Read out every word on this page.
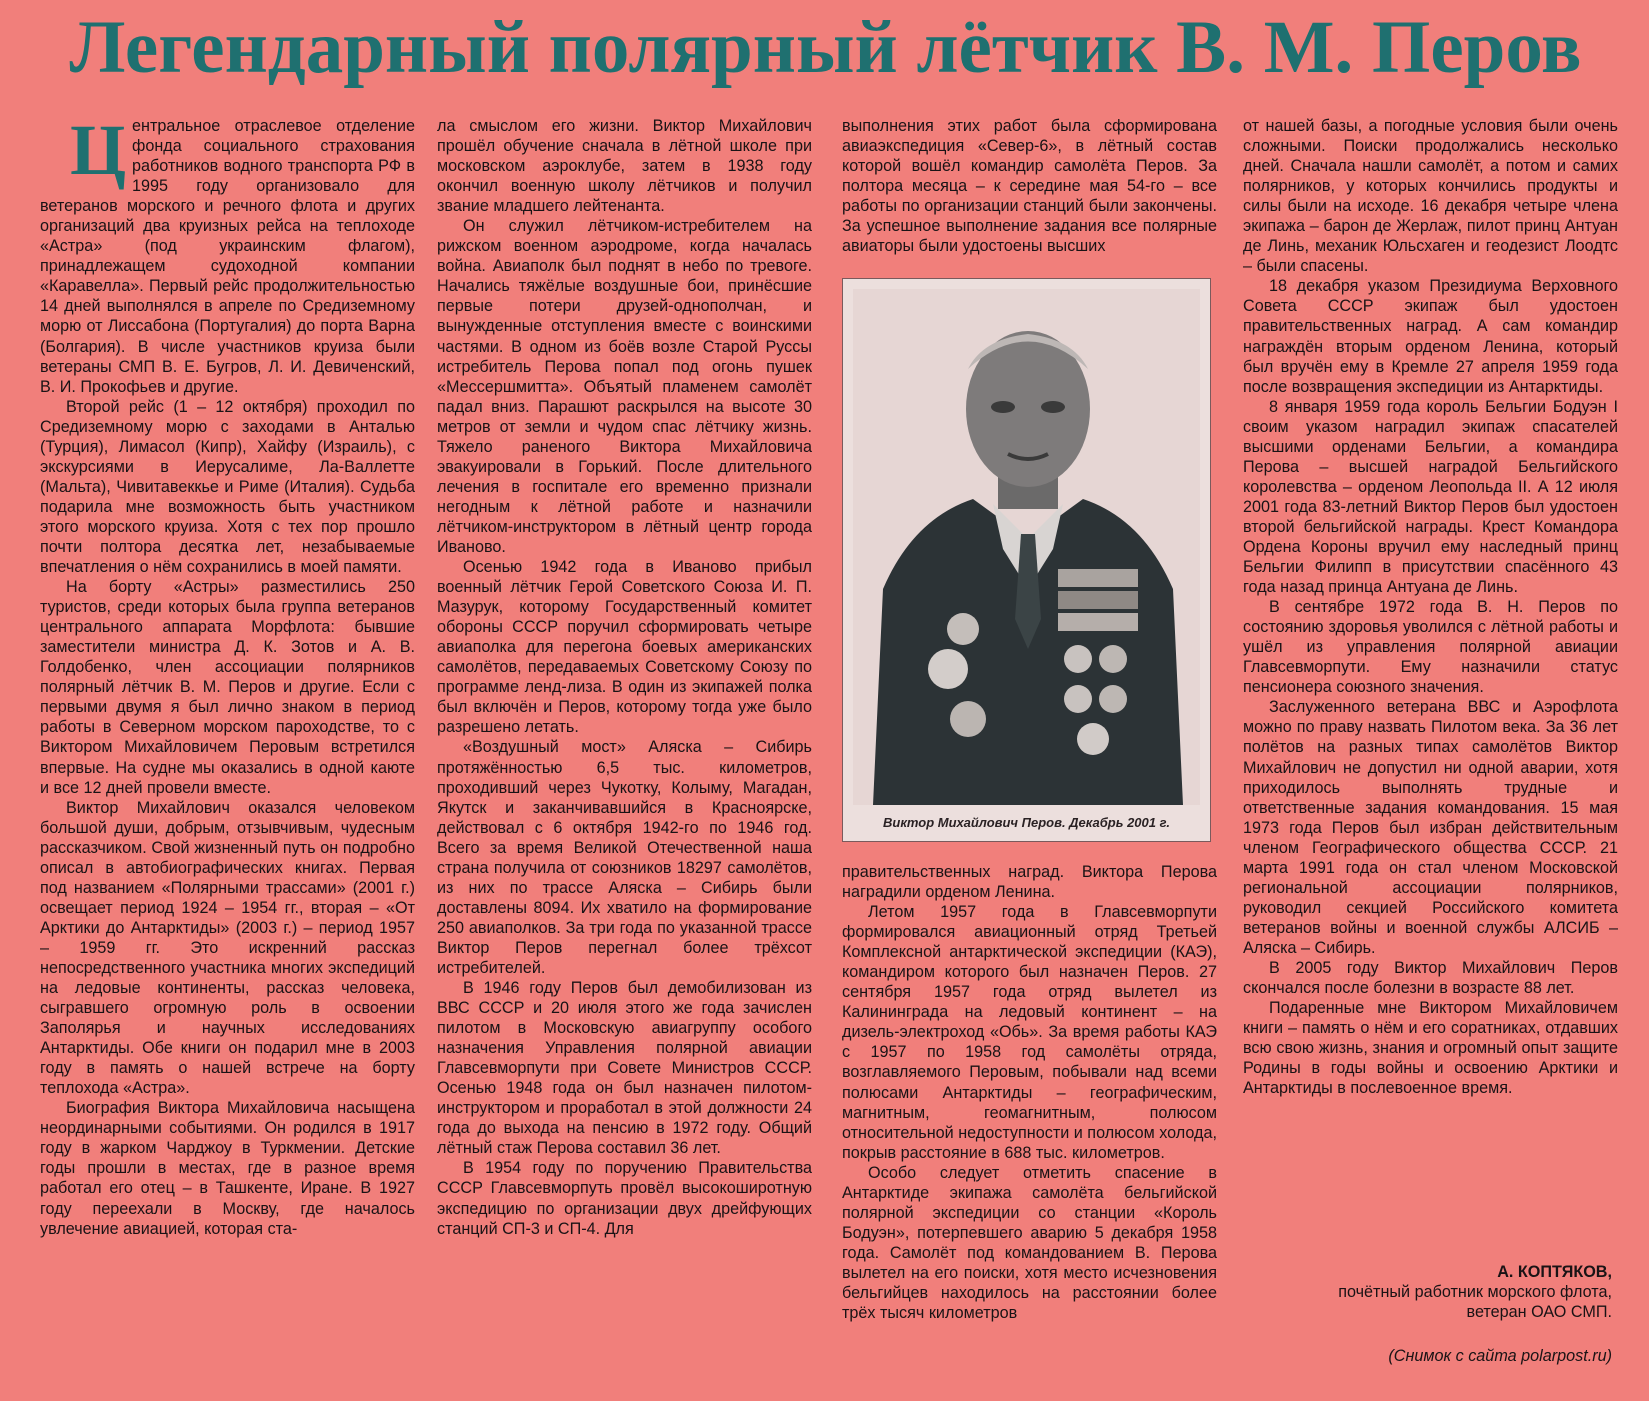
Легендарный полярный лётчик В. М. Перов
Ц ентральное отраслевое отделение фонда социального страхования работников водного транспорта РФ в 1995 году организовало для ветеранов морского и речного флота и других организаций два круизных рейса на теплоходе «Астра» (под украинским флагом), принадлежащем судоходной компании «Каравелла». Первый рейс продолжительностью 14 дней выполнялся в апреле по Средиземному морю от Лиссабона (Португалия) до порта Варна (Болгария). В числе участников круиза были ветераны СМП В. Е. Бугров, Л. И. Девиченский, В. И. Прокофьев и другие.

Второй рейс (1 – 12 октября) проходил по Средиземному морю с заходами в Анталью (Турция), Лимасол (Кипр), Хайфу (Израиль), с экскурсиями в Иерусалиме, Ла-Валлетте (Мальта), Чивитавеккье и Риме (Италия). Судьба подарила мне возможность быть участником этого морского круиза. Хотя с тех пор прошло почти полтора десятка лет, незабываемые впечатления о нём сохранились в моей памяти.

На борту «Астры» разместились 250 туристов, среди которых была группа ветеранов центрального аппарата Морфлота: бывшие заместители министра Д. К. Зотов и А. В. Голдобенко, член ассоциации полярников полярный лётчик В. М. Перов и другие. Если с первыми двумя я был лично знаком в период работы в Северном морском пароходстве, то с Виктором Михайловичем Перовым встретился впервые. На судне мы оказались в одной каюте и все 12 дней провели вместе.

Виктор Михайлович оказался человеком большой души, добрым, отзывчивым, чудесным рассказчиком. Свой жизненный путь он подробно описал в автобиографических книгах. Первая под названием «Полярными трассами» (2001 г.) освещает период 1924 – 1954 гг., вторая – «От Арктики до Антарктиды» (2003 г.) – период 1957 – 1959 гг. Это искренний рассказ непосредственного участника многих экспедиций на ледовые континенты, рассказ человека, сыгравшего огромную роль в освоении Заполярья и научных исследованиях Антарктиды. Обе книги он подарил мне в 2003 году в память о нашей встрече на борту теплохода «Астра».

Биография Виктора Михайловича насыщена неординарными событиями. Он родился в 1917 году в жарком Чарджоу в Туркмении. Детские годы прошли в местах, где в разное время работал его отец – в Ташкенте, Иране. В 1927 году переехали в Москву, где началось увлечение авиацией, которая ста-

ла смыслом его жизни. Виктор Михайлович прошёл обучение сначала в лётной школе при московском аэроклубе, затем в 1938 году окончил военную школу лётчиков и получил звание младшего лейтенанта.

Он служил лётчиком-истребителем на рижском военном аэродроме, когда началась война. Авиаполк был поднят в небо по тревоге. Начались тяжёлые воздушные бои, принёсшие первые потери друзей-однополчан, и вынужденные отступления вместе с воинскими частями. В одном из боёв возле Старой Руссы истребитель Перова попал под огонь пушек «Мессершмитта». Объятый пламенем самолёт падал вниз. Парашют раскрылся на высоте 30 метров от земли и чудом спас лётчику жизнь. Тяжело раненого Виктора Михайловича эвакуировали в Горький. После длительного лечения в госпитале его временно признали негодным к лётной работе и назначили лётчиком-инструктором в лётный центр города Иваново.

Осенью 1942 года в Иваново прибыл военный лётчик Герой Советского Союза И. П. Мазурук, которому Государственный комитет обороны СССР поручил сформировать четыре авиаполка для перегона боевых американских самолётов, передаваемых Советскому Союзу по программе ленд-лиза. В один из экипажей полка был включён и Перов, которому тогда уже было разрешено летать.

«Воздушный мост» Аляска – Сибирь протяжённостью 6,5 тыс. километров, проходивший через Чукотку, Колыму, Магадан, Якутск и заканчивавшийся в Красноярске, действовал с 6 октября 1942-го по 1946 год. Всего за время Великой Отечественной наша страна получила от союзников 18297 самолётов, из них по трассе Аляска – Сибирь были доставлены 8094. Их хватило на формирование 250 авиаполков. За три года по указанной трассе Виктор Перов перегнал более трёхсот истребителей.

В 1946 году Перов был демобилизован из ВВС СССР и 20 июля этого же года зачислен пилотом в Московскую авиагруппу особого назначения Управления полярной авиации Главсевморпути при Совете Министров СССР. Осенью 1948 года он был назначен пилотом-инструктором и проработал в этой должности 24 года до выхода на пенсию в 1972 году. Общий лётный стаж Перова составил 36 лет.

В 1954 году по поручению Правительства СССР Главсевморпуть провёл высокоширотную экспедицию по организации двух дрейфующих станций СП-3 и СП-4. Для

выполнения этих работ была сформирована авиаэкспедиция «Север-6», в лётный состав которой вошёл командир самолёта Перов. За полтора месяца – к середине мая 54-го – все работы по организации станций были закончены. За успешное выполнение задания все полярные авиаторы были удостоены высших

Виктор Михайлович Перов. Декабрь 2001 г.

правительственных наград. Виктора Перова наградили орденом Ленина.

Летом 1957 года в Главсевморпути формировался авиационный отряд Третьей Комплексной антарктической экспедиции (КАЭ), командиром которого был назначен Перов. 27 сентября 1957 года отряд вылетел из Калининграда на ледовый континент – на дизель-электроход «Обь». За время работы КАЭ с 1957 по 1958 год самолёты отряда, возглавляемого Перовым, побывали над всеми полюсами Антарктиды – географическим, магнитным, геомагнитным, полюсом относительной недоступности и полюсом холода, покрыв расстояние в 688 тыс. километров.

Особо следует отметить спасение в Антарктиде экипажа самолёта бельгийской полярной экспедиции со станции «Король Бодуэн», потерпевшего аварию 5 декабря 1958 года. Самолёт под командованием В. Перова вылетел на его поиски, хотя место исчезновения бельгийцев находилось на расстоянии более трёх тысяч километров

от нашей базы, а погодные условия были очень сложными. Поиски продолжались несколько дней. Сначала нашли самолёт, а потом и самих полярников, у которых кончились продукты и силы были на исходе. 16 декабря четыре члена экипажа – барон де Жерлаж, пилот принц Антуан де Линь, механик Юльсхаген и геодезист Лоодтс – были спасены.

18 декабря указом Президиума Верховного Совета СССР экипаж был удостоен правительственных наград. А сам командир награждён вторым орденом Ленина, который был вручён ему в Кремле 27 апреля 1959 года после возвращения экспедиции из Антарктиды.

8 января 1959 года король Бельгии Бодуэн I своим указом наградил экипаж спасателей высшими орденами Бельгии, а командира Перова – высшей наградой Бельгийского королевства – орденом Леопольда II. А 12 июля 2001 года 83-летний Виктор Перов был удостоен второй бельгийской награды. Крест Командора Ордена Короны вручил ему наследный принц Бельгии Филипп в присутствии спасённого 43 года назад принца Антуана де Линь.

В сентябре 1972 года В. Н. Перов по состоянию здоровья уволился с лётной работы и ушёл из управления полярной авиации Главсевморпути. Ему назначили статус пенсионера союзного значения.

Заслуженного ветерана ВВС и Аэрофлота можно по праву назвать Пилотом века. За 36 лет полётов на разных типах самолётов Виктор Михайлович не допустил ни одной аварии, хотя приходилось выполнять трудные и ответственные задания командования. 15 мая 1973 года Перов был избран действительным членом Географического общества СССР. 21 марта 1991 года он стал членом Московской региональной ассоциации полярников, руководил секцией Российского комитета ветеранов войны и военной службы АЛСИБ – Аляска – Сибирь.

В 2005 году Виктор Михайлович Перов скончался после болезни в возрасте 88 лет.

Подаренные мне Виктором Михайловичем книги – память о нём и его соратниках, отдавших всю свою жизнь, знания и огромный опыт защите Родины в годы войны и освоению Арктики и Антарктиды в послевоенное время.

А. КОПТЯКОВ,
почётный работник морского флота,
ветеран ОАО СМП.
(Снимок с сайта polarpost.ru)
